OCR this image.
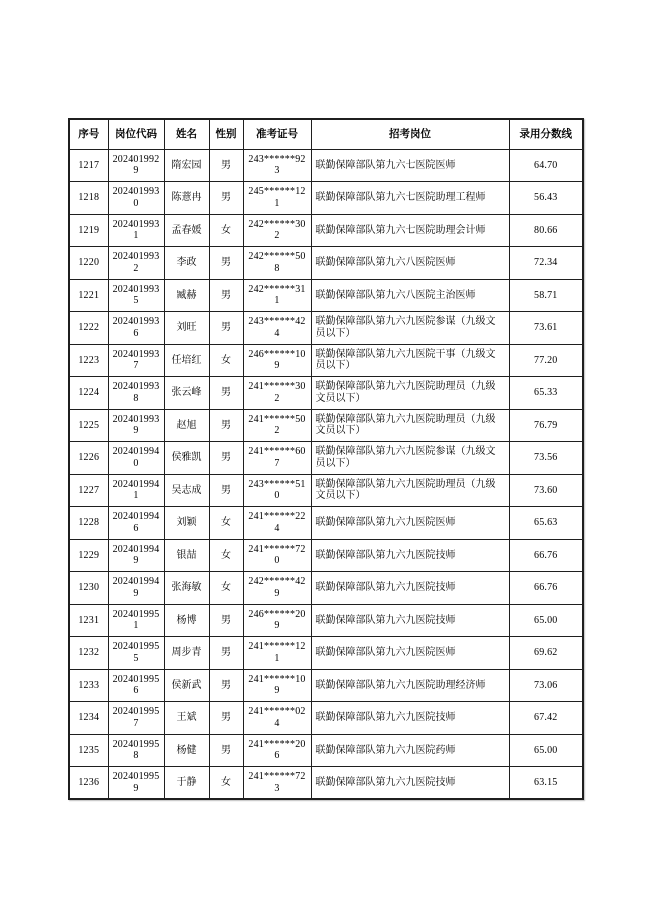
序号	岗位代码	姓名	性别	准考证号	招考岗位	录用分数线
1217	2024019929	隋宏园	男	243******923	联勤保障部队第九六七医院医师	64.70
1218	2024019930	陈薏冉	男	245******121	联勤保障部队第九六七医院助理工程师	56.43
1219	2024019931	孟春媛	女	242******302	联勤保障部队第九六七医院助理会计师	80.66
1220	2024019932	李政	男	242******508	联勤保障部队第九六八医院医师	72.34
1221	2024019935	臧赫	男	242******311	联勤保障部队第九六八医院主治医师	58.71
1222	2024019936	刘旺	男	243******424	联勤保障部队第九六九医院参谋（九级文员以下）	73.61
1223	2024019937	任培红	女	246******109	联勤保障部队第九六九医院干事（九级文员以下）	77.20
1224	2024019938	张云峰	男	241******302	联勤保障部队第九六九医院助理员（九级文员以下）	65.33
1225	2024019939	赵旭	男	241******502	联勤保障部队第九六九医院助理员（九级文员以下）	76.79
1226	2024019940	侯雅凯	男	241******607	联勤保障部队第九六九医院参谋（九级文员以下）	73.56
1227	2024019941	吴志成	男	243******510	联勤保障部队第九六九医院助理员（九级文员以下）	73.60
1228	2024019946	刘颖	女	241******224	联勤保障部队第九六九医院医师	65.63
1229	2024019949	银喆	女	241******720	联勤保障部队第九六九医院技师	66.76
1230	2024019949	张海敏	女	242******429	联勤保障部队第九六九医院技师	66.76
1231	2024019951	杨博	男	246******209	联勤保障部队第九六九医院技师	65.00
1232	2024019955	周步青	男	241******121	联勤保障部队第九六九医院医师	69.62
1233	2024019956	侯新武	男	241******109	联勤保障部队第九六九医院助理经济师	73.06
1234	2024019957	王斌	男	241******024	联勤保障部队第九六九医院技师	67.42
1235	2024019958	杨健	男	241******206	联勤保障部队第九六九医院药师	65.00
1236	2024019959	于静	女	241******723	联勤保障部队第九六九医院技师	63.15
